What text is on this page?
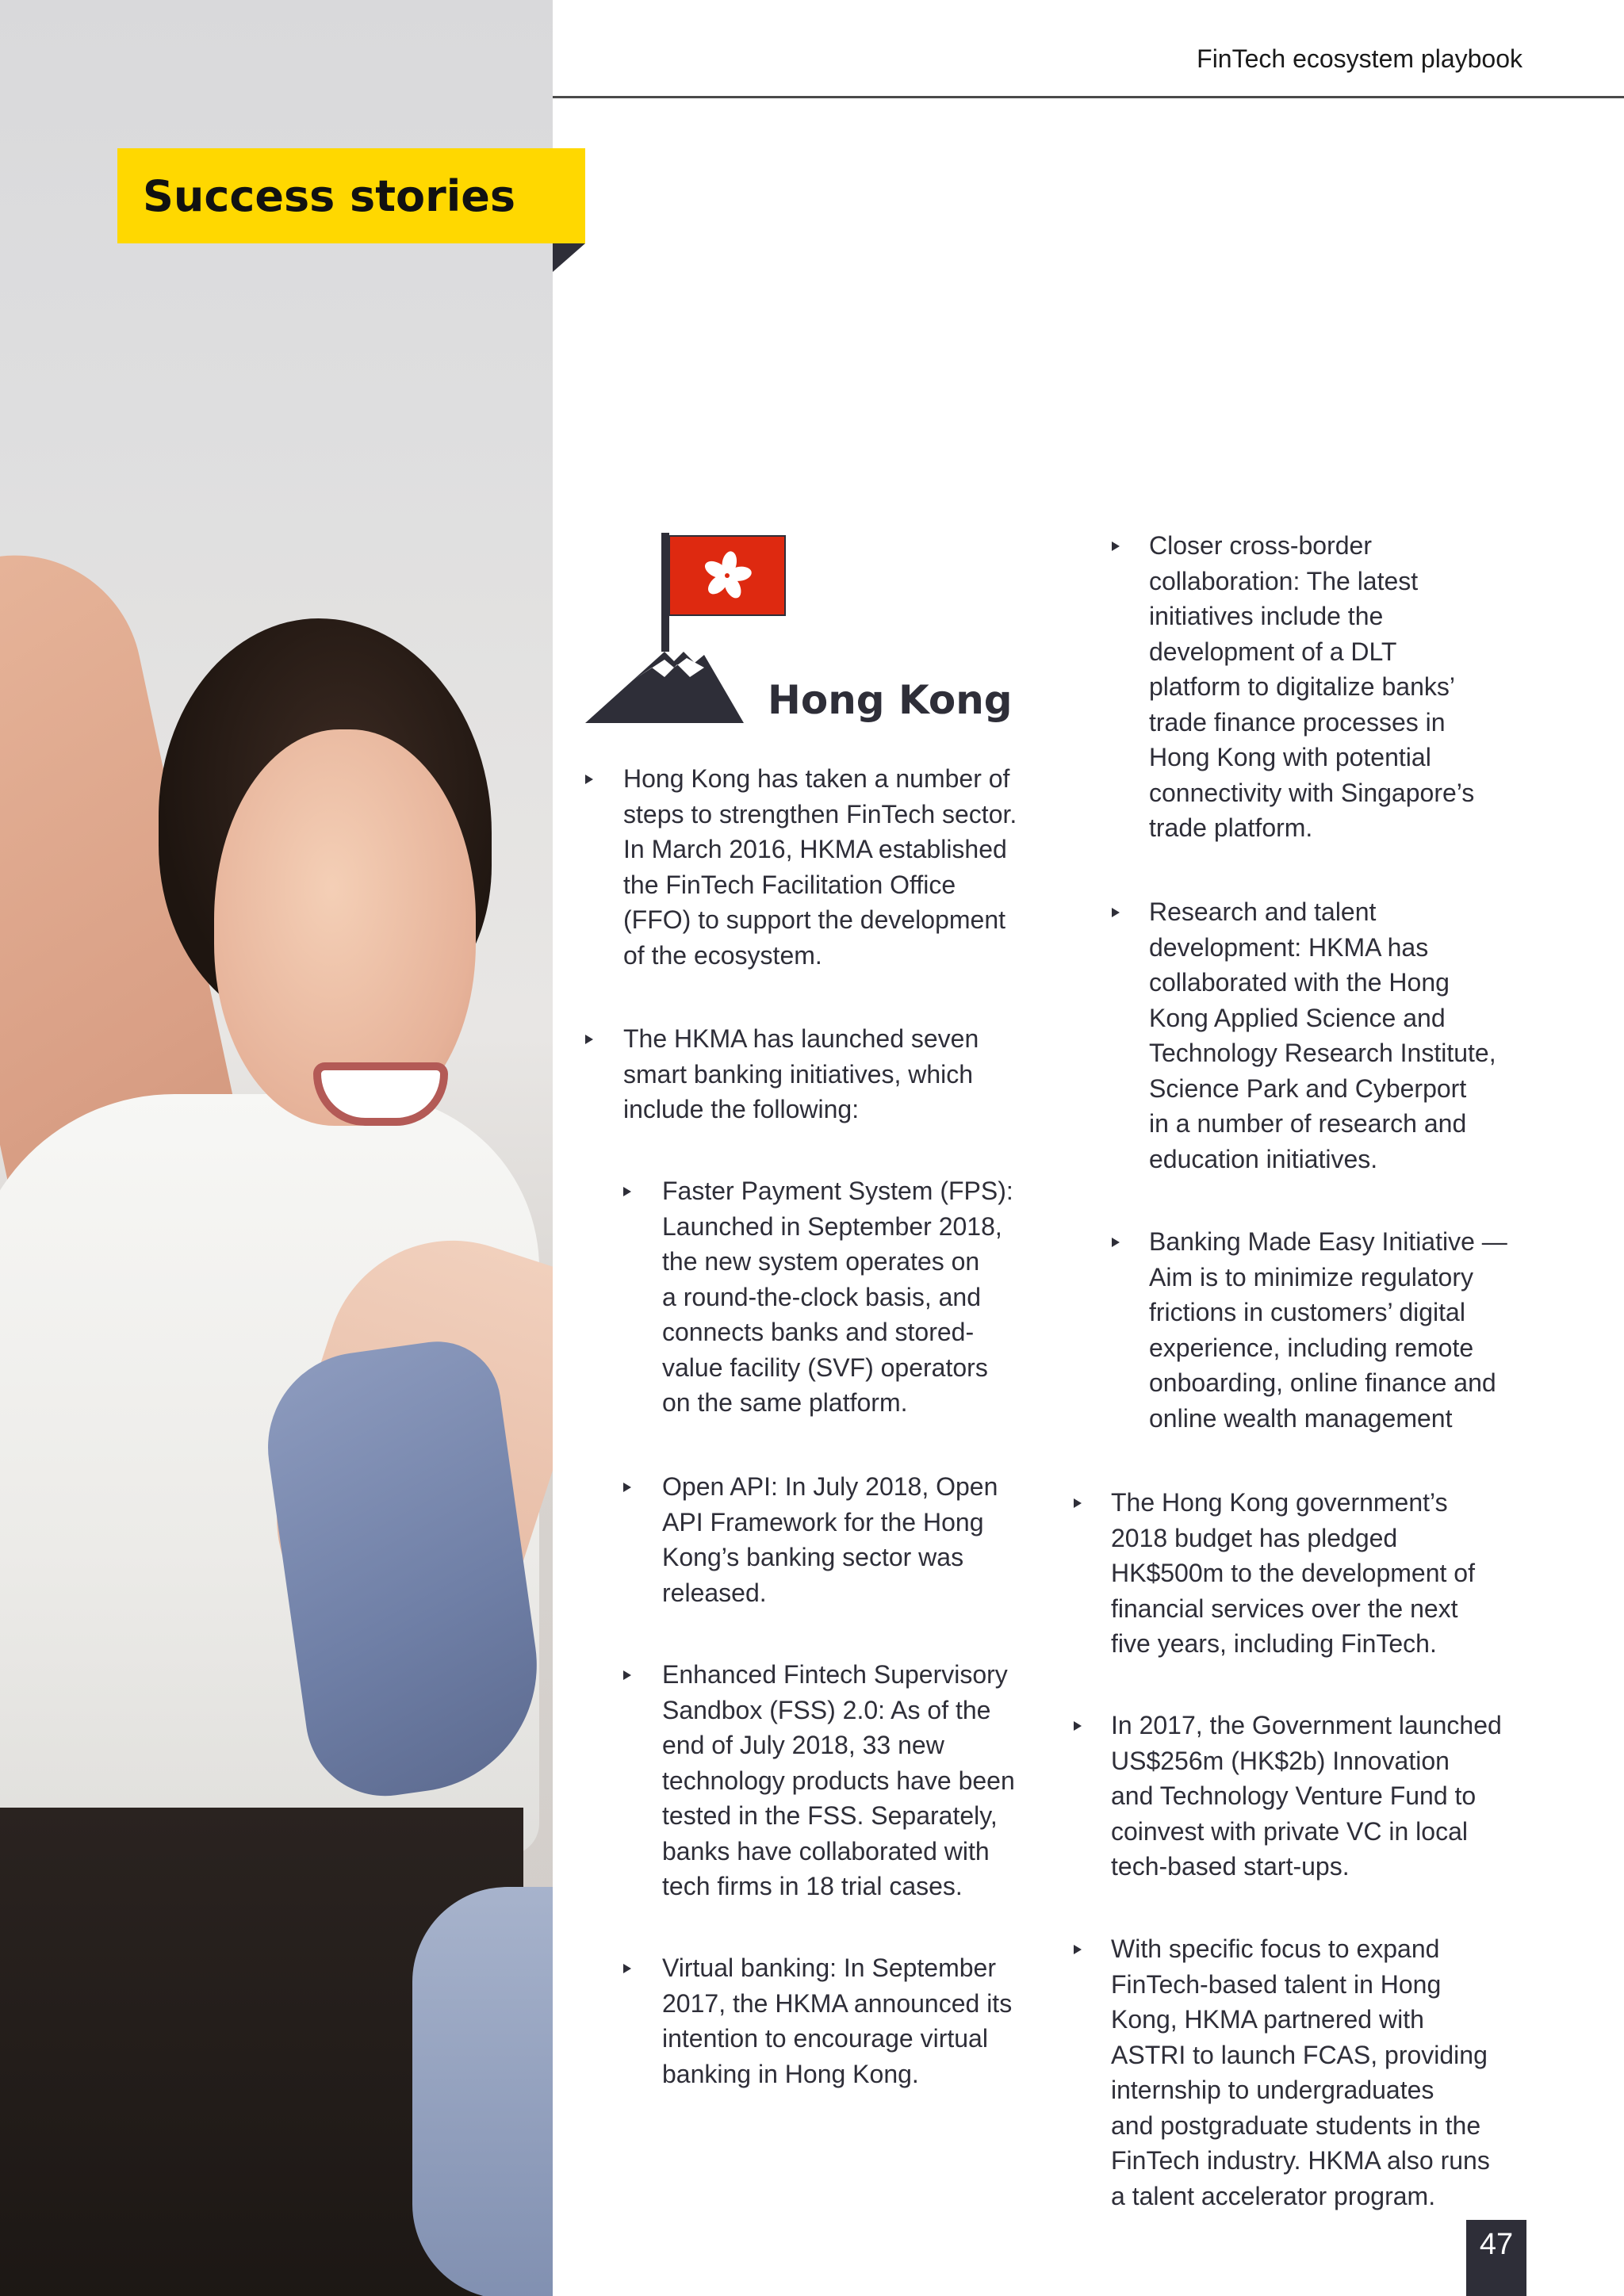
FinTech ecosystem playbook
Success stories
Hong Kong

Hong Kong has taken a number of
steps to strengthen FinTech sector.
In March 2016, HKMA established
the FinTech Facilitation Office
(FFO) to support the development
of the ecosystem.

The HKMA has launched seven
smart banking initiatives, which
include the following:

Faster Payment System (FPS):
Launched in September 2018,
the new system operates on
a round-the-clock basis, and
connects banks and stored-
value facility (SVF) operators
on the same platform.

Open API: In July 2018, Open
API Framework for the Hong
Kong’s banking sector was
released.

Enhanced Fintech Supervisory
Sandbox (FSS) 2.0: As of the
end of July 2018, 33 new
technology products have been
tested in the FSS. Separately,
banks have collaborated with
tech firms in 18 trial cases.

Virtual banking: In September
2017, the HKMA announced its
intention to encourage virtual
banking in Hong Kong.

Closer cross-border
collaboration: The latest
initiatives include the
development of a DLT
platform to digitalize banks’
trade finance processes in
Hong Kong with potential
connectivity with Singapore’s
trade platform.

Research and talent
development: HKMA has
collaborated with the Hong
Kong Applied Science and
Technology Research Institute,
Science Park and Cyberport
in a number of research and
education initiatives.

Banking Made Easy Initiative —
Aim is to minimize regulatory
frictions in customers’ digital
experience, including remote
onboarding, online finance and
online wealth management

The Hong Kong government’s
2018 budget has pledged
HK$500m to the development of
financial services over the next
five years, including FinTech.

In 2017, the Government launched
US$256m (HK$2b) Innovation
and Technology Venture Fund to
coinvest with private VC in local
tech-based start-ups.

With specific focus to expand
FinTech-based talent in Hong
Kong, HKMA partnered with
ASTRI to launch FCAS, providing
internship to undergraduates
and postgraduate students in the
FinTech industry. HKMA also runs
a talent accelerator program.

47
